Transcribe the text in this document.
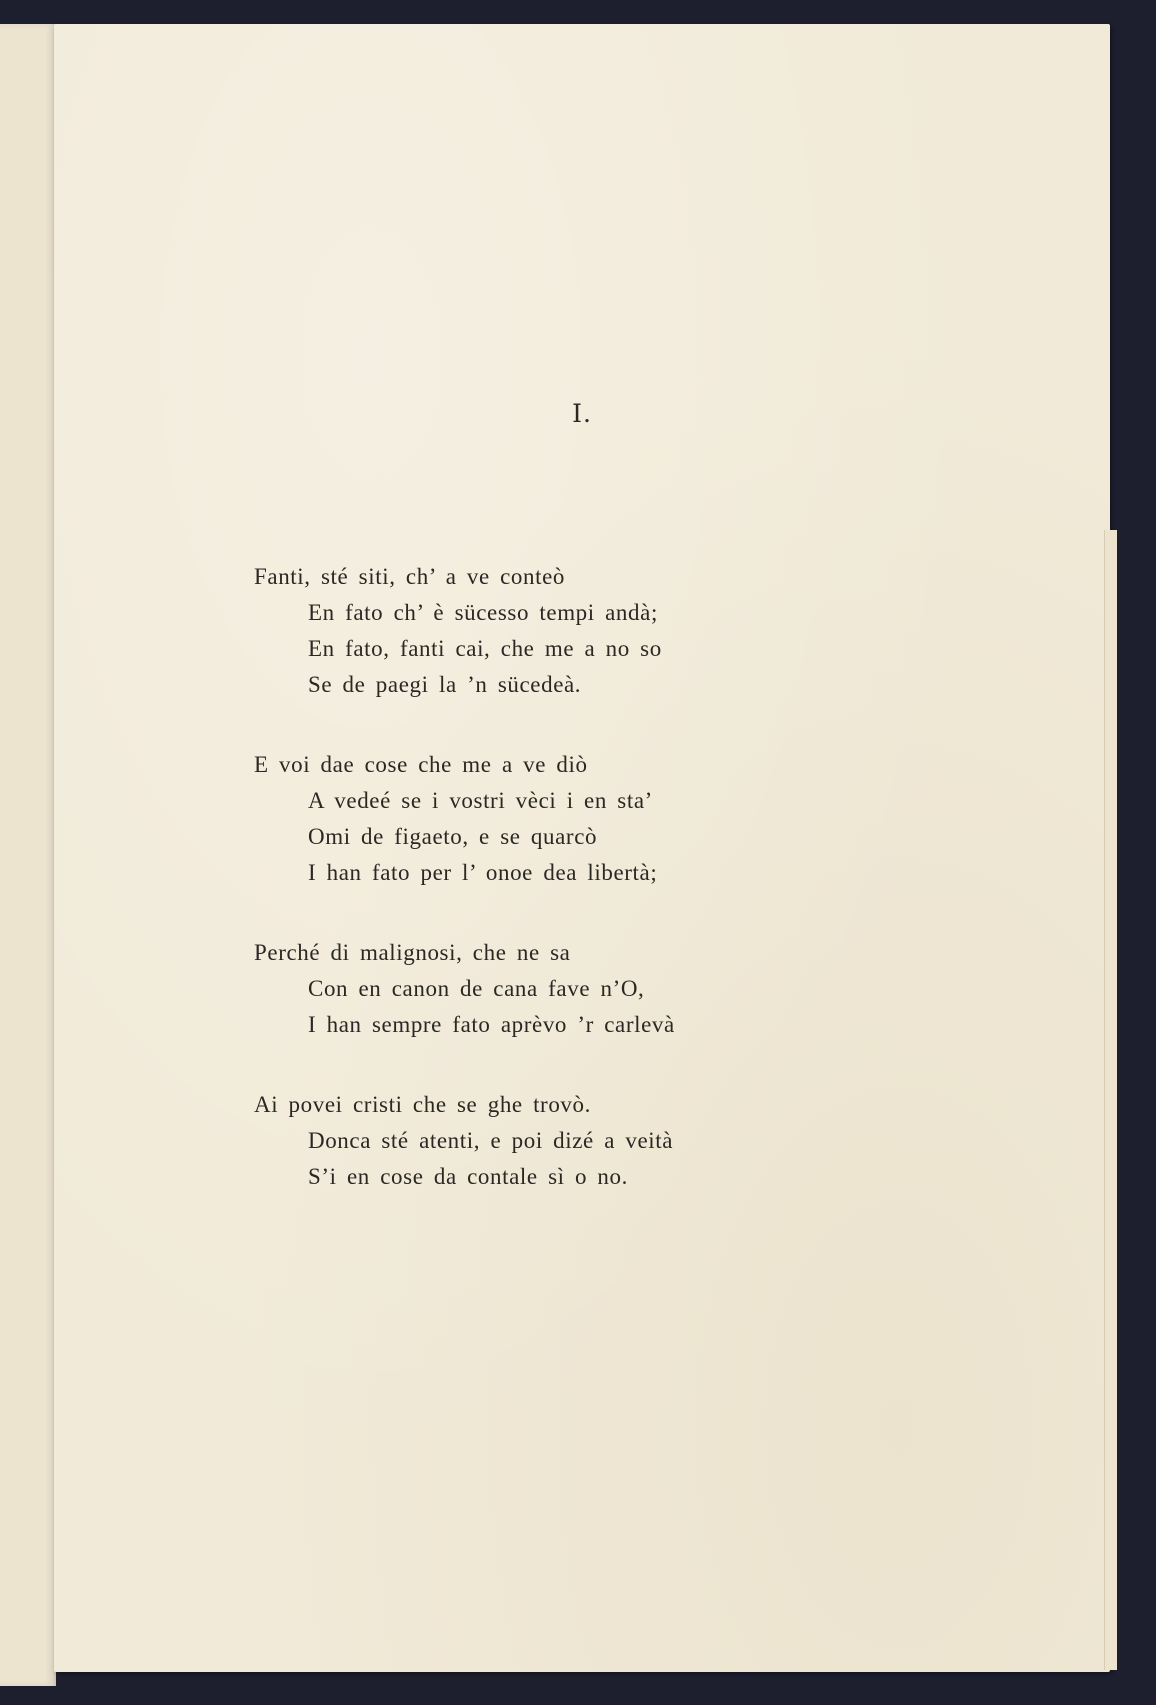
I.
Fanti, sté siti, ch’ a ve conteò
En fato ch’ è sücesso tempi andà;
En fato, fanti cai, che me a no so
Se de paegi la ’n sücedeà.
E voi dae cose che me a ve diò
A vedeé se i vostri vèci i en sta’
Omi de figaeto, e se quarcò
I han fato per l’ onoe dea libertà;
Perché di malignosi, che ne sa
Con en canon de cana fave n’O,
I han sempre fato aprèvo ’r carlevà
Ai povei cristi che se ghe trovò.
Donca sté atenti, e poi dizé a veità
S’i en cose da contale sì o no.
